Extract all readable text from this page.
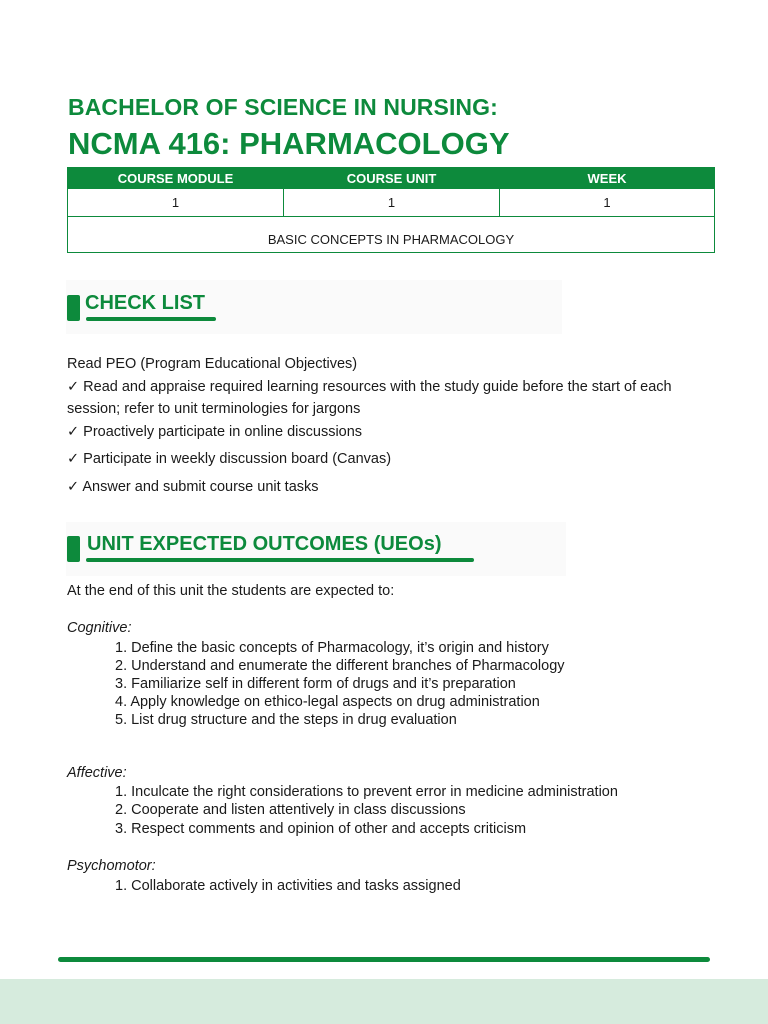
BACHELOR OF SCIENCE IN NURSING:
NCMA 416: PHARMACOLOGY
COURSE MODULE	COURSE UNIT	WEEK
1	1	1
BASIC CONCEPTS IN PHARMACOLOGY		
CHECK LIST
Read PEO (Program Educational Objectives)
✓ Read and appraise required learning resources with the study guide before the start of each
session; refer to unit terminologies for jargons
✓ Proactively participate in online discussions
✓ Participate in weekly discussion board (Canvas)
✓ Answer and submit course unit tasks
UNIT EXPECTED OUTCOMES (UEOs)
At the end of this unit the students are expected to:
Cognitive:
1. Define the basic concepts of Pharmacology, it’s origin and history
2. Understand and enumerate the different branches of Pharmacology
3. Familiarize self in different form of drugs and it’s preparation
4. Apply knowledge on ethico-legal aspects on drug administration
5. List drug structure and the steps in drug evaluation
Affective:
1. Inculcate the right considerations to prevent error in medicine administration
2. Cooperate and listen attentively in class discussions
3. Respect comments and opinion of other and accepts criticism
Psychomotor:
1. Collaborate actively in activities and tasks assigned
